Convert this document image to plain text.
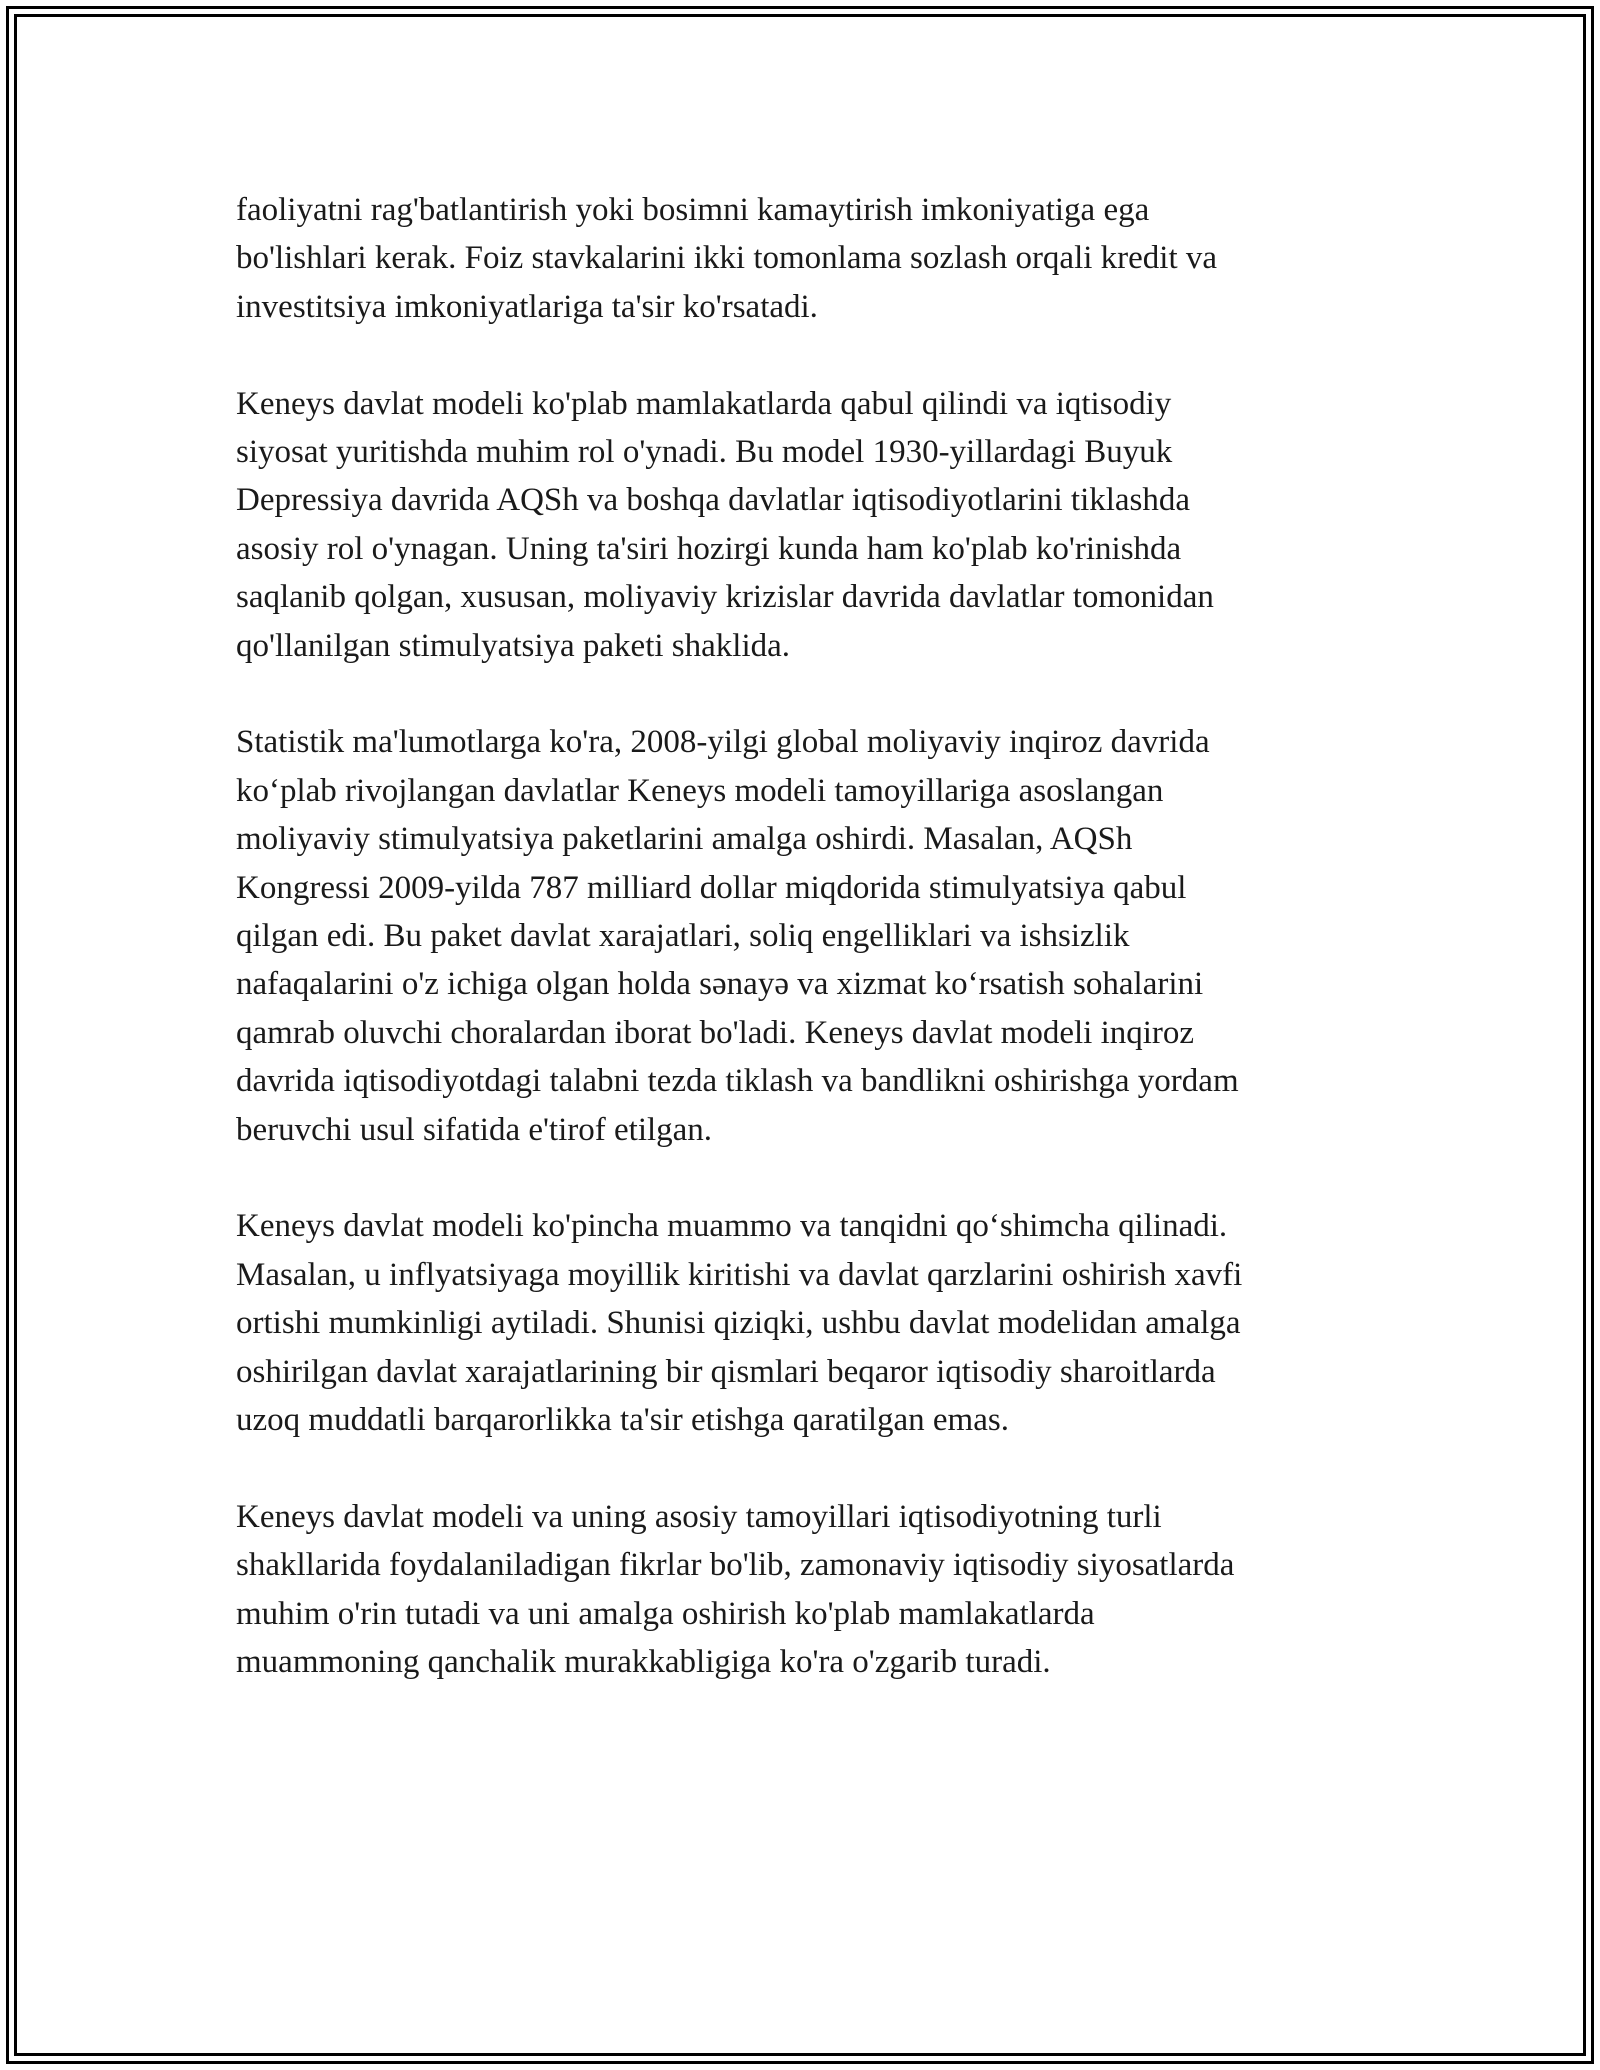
faoliyatni rag'batlantirish yoki bosimni kamaytirish imkoniyatiga ega
bo'lishlari kerak. Foiz stavkalarini ikki tomonlama sozlash orqali kredit va
investitsiya imkoniyatlariga ta'sir ko'rsatadi.

Keneys davlat modeli ko'plab mamlakatlarda qabul qilindi va iqtisodiy
siyosat yuritishda muhim rol o'ynadi. Bu model 1930-yillardagi Buyuk
Depressiya davrida AQSh va boshqa davlatlar iqtisodiyotlarini tiklashda
asosiy rol o'ynagan. Uning ta'siri hozirgi kunda ham ko'plab ko'rinishda
saqlanib qolgan, xususan, moliyaviy krizislar davrida davlatlar tomonidan
qo'llanilgan stimulyatsiya paketi shaklida.

Statistik ma'lumotlarga ko'ra, 2008-yilgi global moliyaviy inqiroz davrida
ko‘plab rivojlangan davlatlar Keneys modeli tamoyillariga asoslangan
moliyaviy stimulyatsiya paketlarini amalga oshirdi. Masalan, AQSh
Kongressi 2009-yilda 787 milliard dollar miqdorida stimulyatsiya qabul
qilgan edi. Bu paket davlat xarajatlari, soliq engelliklari va ishsizlik
nafaqalarini o'z ichiga olgan holda sənayə va xizmat ko‘rsatish sohalarini
qamrab oluvchi choralardan iborat bo'ladi. Keneys davlat modeli inqiroz
davrida iqtisodiyotdagi talabni tezda tiklash va bandlikni oshirishga yordam
beruvchi usul sifatida e'tirof etilgan.

Keneys davlat modeli ko'pincha muammo va tanqidni qo‘shimcha qilinadi.
Masalan, u inflyatsiyaga moyillik kiritishi va davlat qarzlarini oshirish xavfi
ortishi mumkinligi aytiladi. Shunisi qiziqki, ushbu davlat modelidan amalga
oshirilgan davlat xarajatlarining bir qismlari beqaror iqtisodiy sharoitlarda
uzoq muddatli barqarorlikka ta'sir etishga qaratilgan emas.

Keneys davlat modeli va uning asosiy tamoyillari iqtisodiyotning turli
shakllarida foydalaniladigan fikrlar bo'lib, zamonaviy iqtisodiy siyosatlarda
muhim o'rin tutadi va uni amalga oshirish ko'plab mamlakatlarda
muammoning qanchalik murakkabligiga ko'ra o'zgarib turadi.
